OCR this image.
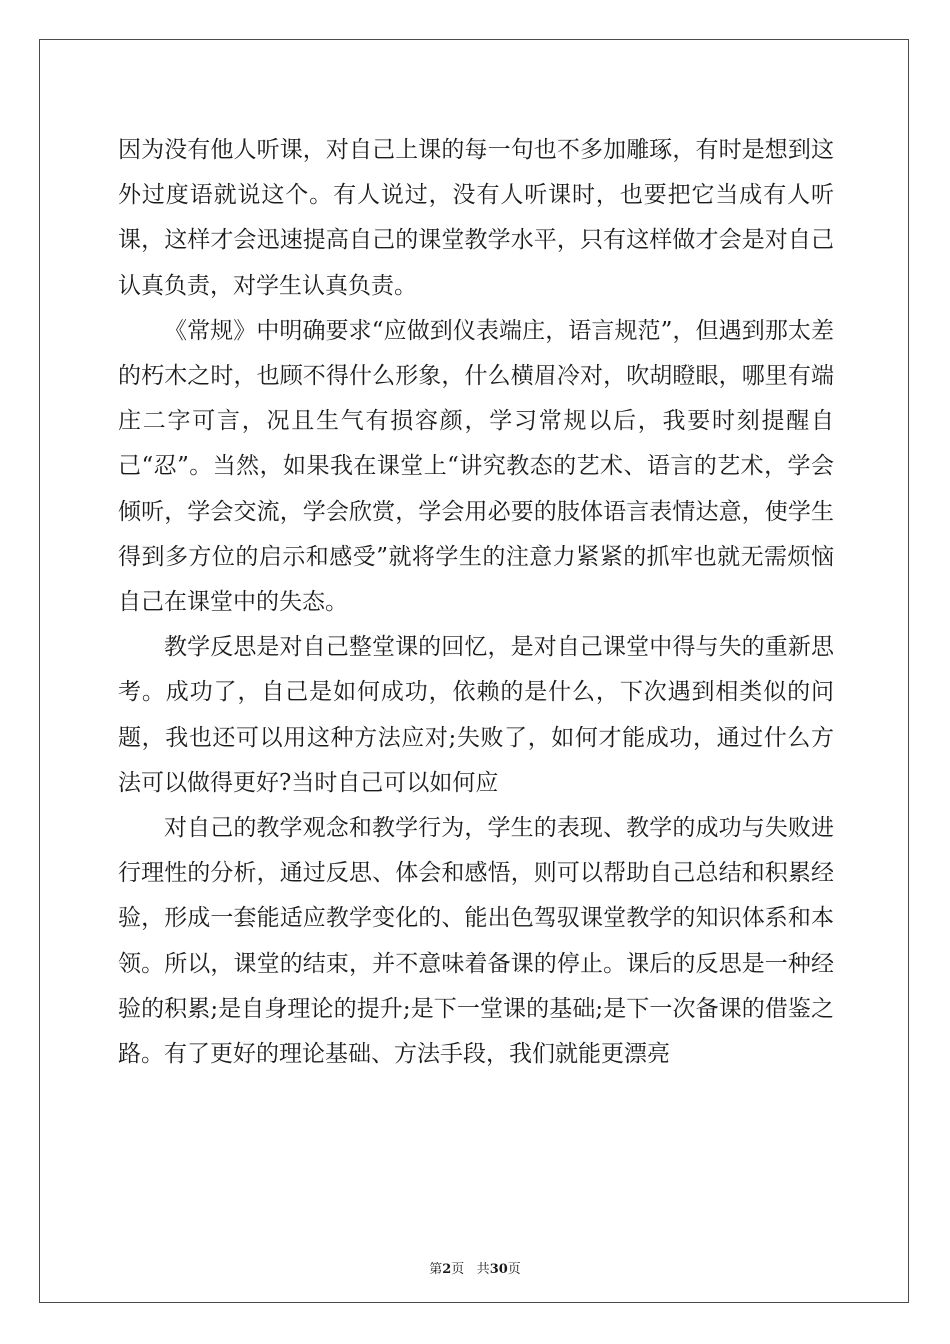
因为没有他人听课，对自己上课的每一句也不多加雕琢，有时是想到这外过度语就说这个。有人说过，没有人听课时，也要把它当成有人听课，这样才会迅速提高自己的课堂教学水平，只有这样做才会是对自己认真负责，对学生认真负责。

《常规》中明确要求“应做到仪表端庄，语言规范”，但遇到那太差的朽木之时，也顾不得什么形象，什么横眉冷对，吹胡瞪眼，哪里有端庄二字可言，况且生气有损容颜，学习常规以后，我要时刻提醒自己“忍”。当然，如果我在课堂上“讲究教态的艺术、语言的艺术，学会倾听，学会交流，学会欣赏，学会用必要的肢体语言表情达意，使学生得到多方位的启示和感受”就将学生的注意力紧紧的抓牢也就无需烦恼自己在课堂中的失态。

教学反思是对自己整堂课的回忆，是对自己课堂中得与失的重新思考。成功了，自己是如何成功，依赖的是什么，下次遇到相类似的问题，我也还可以用这种方法应对;失败了，如何才能成功，通过什么方法可以做得更好?当时自己可以如何应

对自己的教学观念和教学行为，学生的表现、教学的成功与失败进行理性的分析，通过反思、体会和感悟，则可以帮助自己总结和积累经验，形成一套能适应教学变化的、能出色驾驭课堂教学的知识体系和本领。所以，课堂的结束，并不意味着备课的停止。课后的反思是一种经验的积累;是自身理论的提升;是下一堂课的基础;是下一次备课的借鉴之路。有了更好的理论基础、方法手段，我们就能更漂亮

第2页 共30页
